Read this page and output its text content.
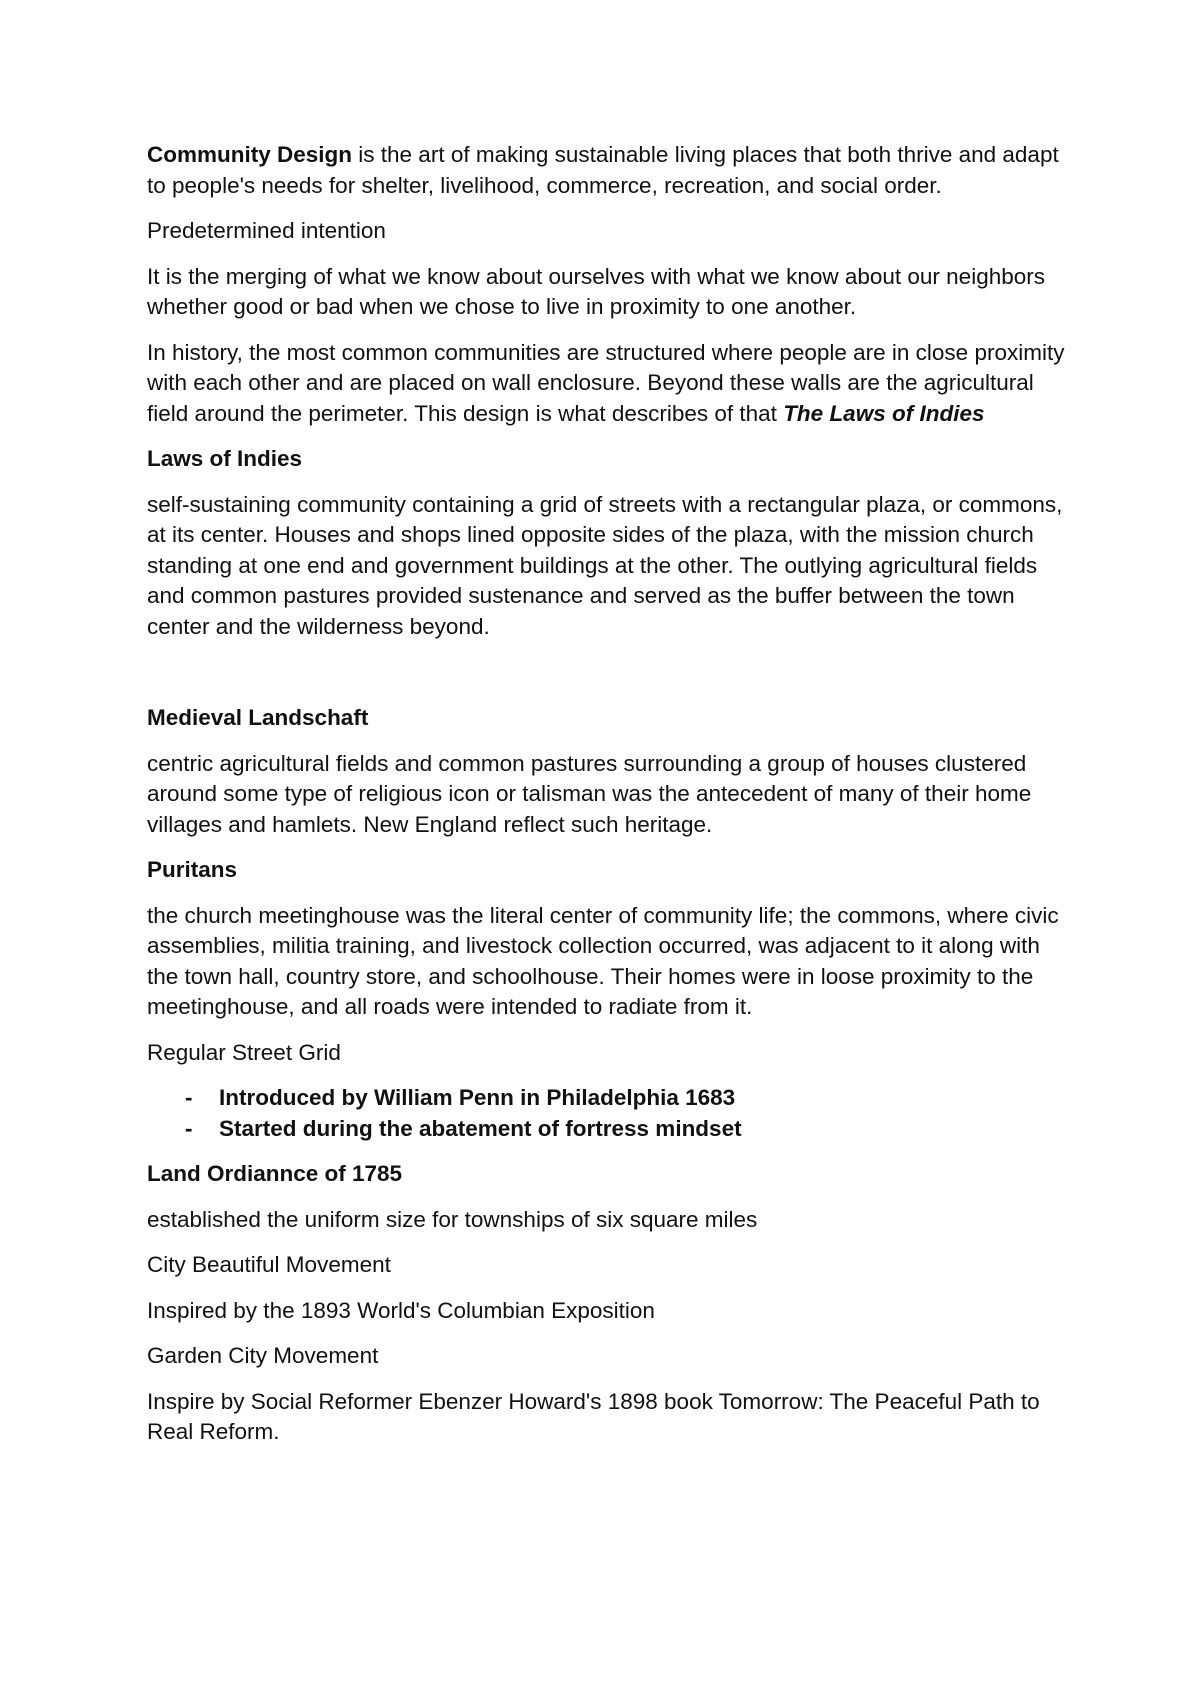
Community Design is the art of making sustainable living places that both thrive and adapt to people's needs for shelter, livelihood, commerce, recreation, and social order.

Predetermined intention

It is the merging of what we know about ourselves with what we know about our neighbors whether good or bad when we chose to live in proximity to one another.

In history, the most common communities are structured where people are in close proximity with each other and are placed on wall enclosure. Beyond these walls are the agricultural field around the perimeter. This design is what describes of that The Laws of Indies

Laws of Indies

self-sustaining community containing a grid of streets with a rectangular plaza, or commons, at its center. Houses and shops lined opposite sides of the plaza, with the mission church standing at one end and government buildings at the other. The outlying agricultural fields and common pastures provided sustenance and served as the buffer between the town center and the wilderness beyond.

Medieval Landschaft

centric agricultural fields and common pastures surrounding a group of houses clustered around some type of religious icon or talisman was the antecedent of many of their home villages and hamlets. New England reflect such heritage.

Puritans

the church meetinghouse was the literal center of community life; the commons, where civic assemblies, militia training, and livestock collection occurred, was adjacent to it along with the town hall, country store, and schoolhouse. Their homes were in loose proximity to the meetinghouse, and all roads were intended to radiate from it.

Regular Street Grid

- Introduced by William Penn in Philadelphia 1683
- Started during the abatement of fortress mindset

Land Ordiannce of 1785

established the uniform size for townships of six square miles

City Beautiful Movement

Inspired by the 1893 World's Columbian Exposition

Garden City Movement

Inspire by Social Reformer Ebenzer Howard's 1898 book Tomorrow: The Peaceful Path to Real Reform.
